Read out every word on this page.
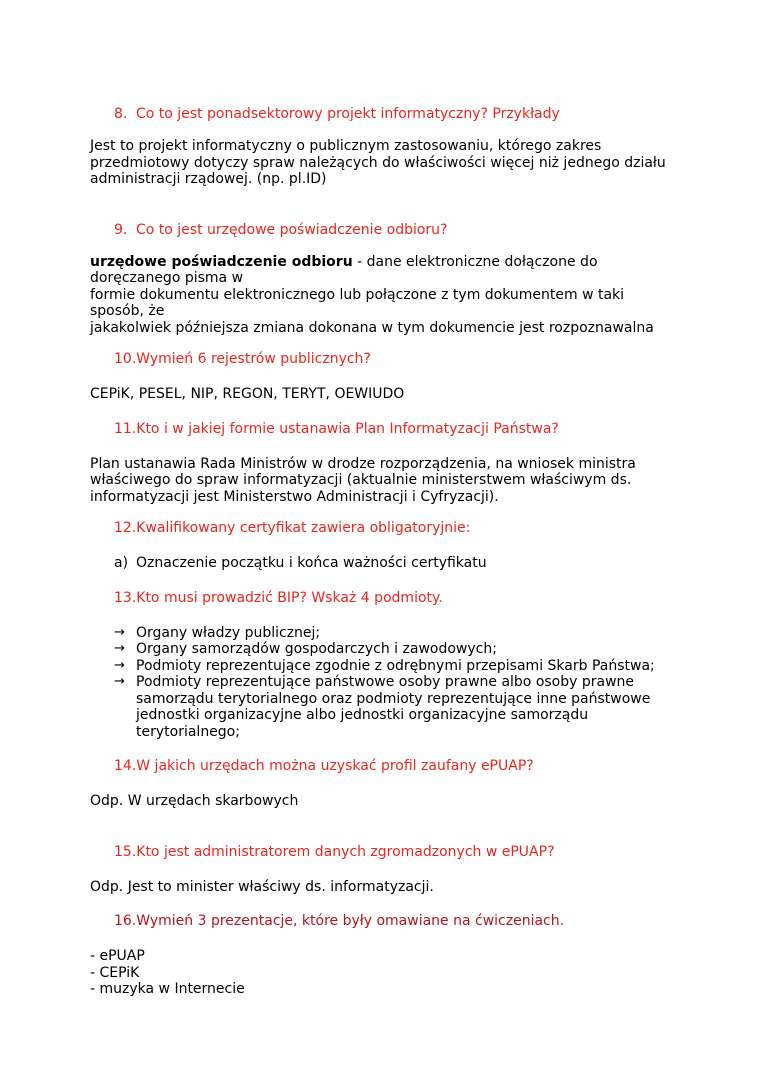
8. Co to jest ponadsektorowy projekt informatyczny? Przykłady

Jest to projekt informatyczny o publicznym zastosowaniu, którego zakres
przedmiotowy dotyczy spraw należących do właściwości więcej niż jednego działu
administracji rządowej. (np. pl.ID)

9. Co to jest urzędowe poświadczenie odbioru?

urzędowe poświadczenie odbioru - dane elektroniczne dołączone do
doręczanego pisma w
formie dokumentu elektronicznego lub połączone z tym dokumentem w taki
sposób, że
jakakolwiek późniejsza zmiana dokonana w tym dokumencie jest rozpoznawalna

10.Wymień 6 rejestrów publicznych?

CEPiK, PESEL, NIP, REGON, TERYT, OEWIUDO

11.Kto i w jakiej formie ustanawia Plan Informatyzacji Państwa?

Plan ustanawia Rada Ministrów w drodze rozporządzenia, na wniosek ministra
właściwego do spraw informatyzacji (aktualnie ministerstwem właściwym ds.
informatyzacji jest Ministerstwo Administracji i Cyfryzacji).

12.Kwalifikowany certyfikat zawiera obligatoryjnie:

a) Oznaczenie początku i końca ważności certyfikatu

13.Kto musi prowadzić BIP? Wskaż 4 podmioty.

→ Organy władzy publicznej;
→ Organy samorządów gospodarczych i zawodowych;
→ Podmioty reprezentujące zgodnie z odrębnymi przepisami Skarb Państwa;
→ Podmioty reprezentujące państwowe osoby prawne albo osoby prawne
samorządu terytorialnego oraz podmioty reprezentujące inne państwowe
jednostki organizacyjne albo jednostki organizacyjne samorządu
terytorialnego;

14.W jakich urzędach można uzyskać profil zaufany ePUAP?

Odp. W urzędach skarbowych

15.Kto jest administratorem danych zgromadzonych w ePUAP?

Odp. Jest to minister właściwy ds. informatyzacji.

16.Wymień 3 prezentacje, które były omawiane na ćwiczeniach.

- ePUAP
- CEPiK
- muzyka w Internecie
